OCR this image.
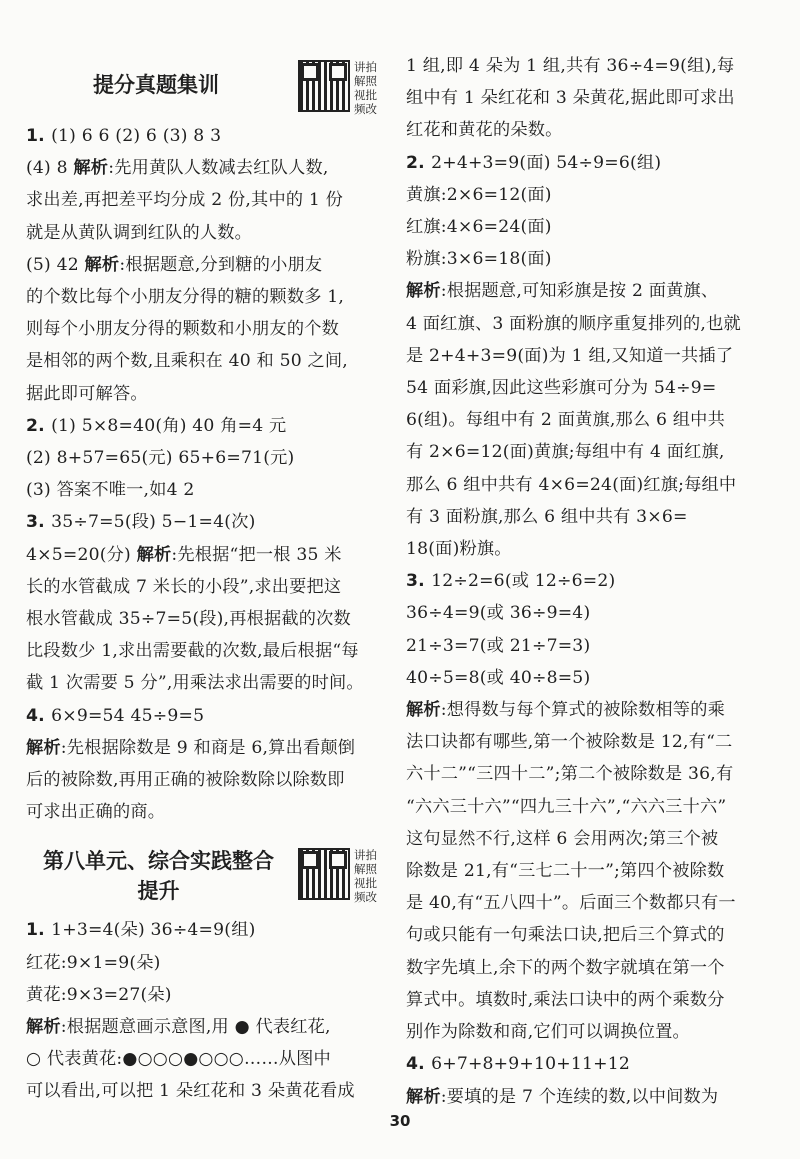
提分真题集训
讲拍
解照
视批
频改
1. (1) 6 6 (2) 6 (3) 8 3
(4) 8 解析:先用黄队人数减去红队人数,
求出差,再把差平均分成 2 份,其中的 1 份
就是从黄队调到红队的人数。
(5) 42 解析:根据题意,分到糖的小朋友
的个数比每个小朋友分得的糖的颗数多 1,
则每个小朋友分得的颗数和小朋友的个数
是相邻的两个数,且乘积在 40 和 50 之间,
据此即可解答。
2. (1) 5×8=40(角) 40 角=4 元
(2) 8+57=65(元) 65+6=71(元)
(3) 答案不唯一,如4 2
3. 35÷7=5(段) 5−1=4(次)
4×5=20(分) 解析:先根据“把一根 35 米
长的水管截成 7 米长的小段”,求出要把这
根水管截成 35÷7=5(段),再根据截的次数
比段数少 1,求出需要截的次数,最后根据“每
截 1 次需要 5 分”,用乘法求出需要的时间。
4. 6×9=54 45÷9=5
解析:先根据除数是 9 和商是 6,算出看颠倒
后的被除数,再用正确的被除数除以除数即
可求出正确的商。
第八单元、综合实践整合
提升
讲拍
解照
视批
频改
1. 1+3=4(朵) 36÷4=9(组)
红花:9×1=9(朵)
黄花:9×3=27(朵)
解析:根据题意画示意图,用 ● 代表红花,
○ 代表黄花:●○○○●○○○……从图中
可以看出,可以把 1 朵红花和 3 朵黄花看成
1 组,即 4 朵为 1 组,共有 36÷4=9(组),每
组中有 1 朵红花和 3 朵黄花,据此即可求出
红花和黄花的朵数。
2. 2+4+3=9(面) 54÷9=6(组)
黄旗:2×6=12(面)
红旗:4×6=24(面)
粉旗:3×6=18(面)
解析:根据题意,可知彩旗是按 2 面黄旗、
4 面红旗、3 面粉旗的顺序重复排列的,也就
是 2+4+3=9(面)为 1 组,又知道一共插了
54 面彩旗,因此这些彩旗可分为 54÷9=
6(组)。每组中有 2 面黄旗,那么 6 组中共
有 2×6=12(面)黄旗;每组中有 4 面红旗,
那么 6 组中共有 4×6=24(面)红旗;每组中
有 3 面粉旗,那么 6 组中共有 3×6=
18(面)粉旗。
3. 12÷2=6(或 12÷6=2)
36÷4=9(或 36÷9=4)
21÷3=7(或 21÷7=3)
40÷5=8(或 40÷8=5)
解析:想得数与每个算式的被除数相等的乘
法口诀都有哪些,第一个被除数是 12,有“二
六十二”“三四十二”;第二个被除数是 36,有
“六六三十六”“四九三十六”,“六六三十六”
这句显然不行,这样 6 会用两次;第三个被
除数是 21,有“三七二十一”;第四个被除数
是 40,有“五八四十”。后面三个数都只有一
句或只能有一句乘法口诀,把后三个算式的
数字先填上,余下的两个数字就填在第一个
算式中。填数时,乘法口诀中的两个乘数分
别作为除数和商,它们可以调换位置。
4. 6+7+8+9+10+11+12
解析:要填的是 7 个连续的数,以中间数为
30
